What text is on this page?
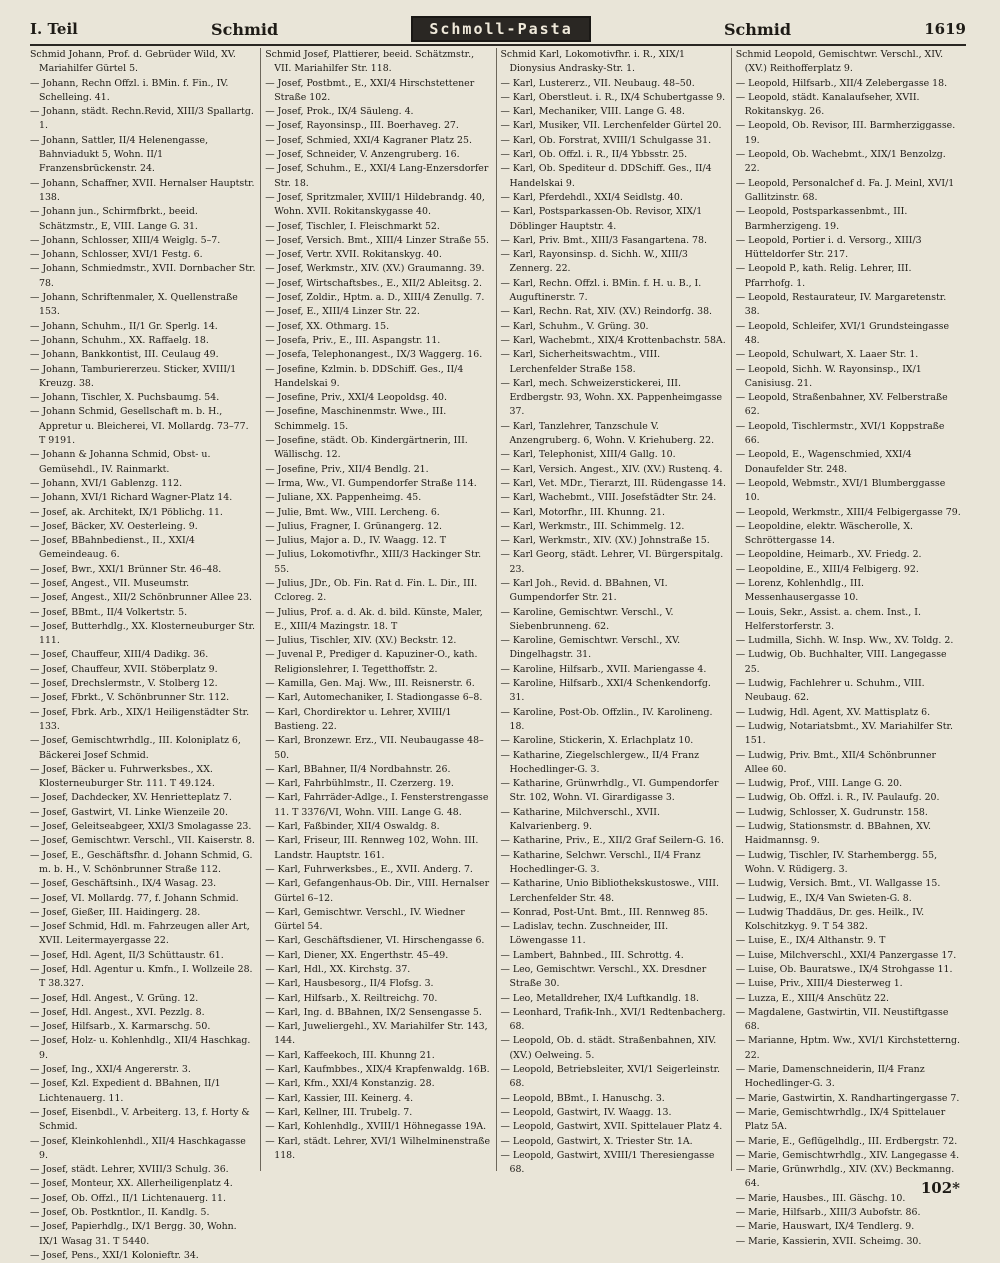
I. Teil	Schmid	Schmoll-Pasta	Schmid	1619

Schmid Johann, Prof. d. Gebrüder Wild, XV. Mariahilfer Gürtel 5.

— Johann, Rechn Offzl. i. BMin. f. Fin., IV. Schelleing. 41.

— Johann, städt. Rechn.Revid, XIII/3 Spallartg. 1.

— Johann, Sattler, II/4 Helenengasse, Bahnviadukt 5, Wohn. II/1 Franzensbrückenstr. 24.

— Johann, Schaffner, XVII. Hernalser Hauptstr. 138.

— Johann jun., Schirmfbrkt., beeid. Schätzmstr., E, VIII. Lange G. 31.

— Johann, Schlosser, XIII/4 Weiglg. 5–7.

— Johann, Schlosser, XVI/1 Festg. 6.

— Johann, Schmiedmstr., XVII. Dornbacher Str. 78.

— Johann, Schriftenmaler, X. Quellenstraße 153.

— Johann, Schuhm., II/1 Gr. Sperlg. 14.

— Johann, Schuhm., XX. Raffaelg. 18.

— Johann, Bankkontist, III. Ceulaug 49.

— Johann, Tamburiererzeu. Sticker, XVIII/1 Kreuzg. 38.

— Johann, Tischler, X. Puchsbaumg. 54.

— Johann Schmid, Gesellschaft m. b. H., Appretur u. Bleicherei, VI. Mollardg. 73–77. T 9191.

— Johann & Johanna Schmid, Obst- u. Gemüsehdl., IV. Rainmarkt.

— Johann, XVI/1 Gablenzg. 112.

— Johann, XVI/1 Richard Wagner-Platz 14.

— Josef, ak. Architekt, IX/1 Pöblichg. 11.

— Josef, Bäcker, XV. Oesterleing. 9.

— Josef, BBahnbedienst., II., XXI/4 Gemeindeaug. 6.

— Josef, Bwr., XXI/1 Brünner Str. 46–48.

— Josef, Angest., VII. Museumstr.

— Josef, Angest., XII/2 Schönbrunner Allee 23.

— Josef, BBmt., II/4 Volkertstr. 5.

— Josef, Butterhdlg., XX. Klosterneuburger Str. 111.

— Josef, Chauffeur, XIII/4 Dadikg. 36.

— Josef, Chauffeur, XVII. Stöberplatz 9.

— Josef, Drechslermstr., V. Stolberg 12.

— Josef, Fbrkt., V. Schönbrunner Str. 112.

— Josef, Fbrk. Arb., XIX/1 Heiligenstädter Str. 133.

— Josef, Gemischtwrhdlg., III. Koloniplatz 6, Bäckerei Josef Schmid.

— Josef, Bäcker u. Fuhrwerksbes., XX. Klosterneuburger Str. 111. T 49.124.

— Josef, Dachdecker, XV. Henrietteplatz 7.

— Josef, Gastwirt, VI. Linke Wienzeile 20.

— Josef, Geleitseabgeer, XXI/3 Smolagasse 23.

— Josef, Gemischtwr. Verschl., VII. Kaiserstr. 8.

— Josef, E., Geschäftsfhr. d. Johann Schmid, G. m. b. H., V. Schönbrunner Straße 112.

— Josef, Geschäftsinh., IX/4 Wasag. 23.

— Josef, VI. Mollardg. 77, f. Johann Schmid.

— Josef, Gießer, III. Haidingerg. 28.

— Josef Schmid, Hdl. m. Fahrzeugen aller Art, XVII. Leitermayergasse 22.

— Josef, Hdl. Agent, II/3 Schüttaustr. 61.

— Josef, Hdl. Agentur u. Kmfn., I. Wollzeile 28. T 38.327.

— Josef, Hdl. Angest., V. Grüng. 12.

— Josef, Hdl. Angest., XVI. Pezzlg. 8.

— Josef, Hilfsarb., X. Karmarschg. 50.

— Josef, Holz- u. Kohlenhdlg., XII/4 Haschkag. 9.

— Josef, Ing., XXI/4 Angererstr. 3.

— Josef, Kzl. Expedient d. BBahnen, II/1 Lichtenauerg. 11.

— Josef, Eisenbdl., V. Arbeiterg. 13, f. Horty & Schmid.

— Josef, Kleinkohlenhdl., XII/4 Haschkagasse 9.

— Josef, städt. Lehrer, XVIII/3 Schulg. 36.

— Josef, Monteur, XX. Allerheiligenplatz 4.

— Josef, Ob. Offzl., II/1 Lichtenauerg. 11.

— Josef, Ob. Postkntlor., II. Kandlg. 5.

— Josef, Papierhdlg., IX/1 Bergg. 30, Wohn. IX/1 Wasag 31. T 5440.

— Josef, Pens., XXI/1 Kolonieftr. 34.

Schmid Josef, Plattierer, beeid. Schätzmstr., VII. Mariahilfer Str. 118.

— Josef, Postbmt., E., XXI/4 Hirschstettener Straße 102.

— Josef, Prok., IX/4 Säuleng. 4.

— Josef, Rayonsinsp., III. Boerhaveg. 27.

— Josef, Schmied, XXI/4 Kagraner Platz 25.

— Josef, Schneider, V. Anzengruberg. 16.

— Josef, Schuhm., E., XXI/4 Lang-Enzersdorfer Str. 18.

— Josef, Spritzmaler, XVIII/1 Hildebrandg. 40, Wohn. XVII. Rokitanskygasse 40.

— Josef, Tischler, I. Fleischmarkt 52.

— Josef, Versich. Bmt., XIII/4 Linzer Straße 55.

— Josef, Vertr. XVII. Rokitanskyg. 40.

— Josef, Werkmstr., XIV. (XV.) Graumanng. 39.

— Josef, Wirtschaftsbes., E., XII/2 Ableitsg. 2.

— Josef, Zoldir., Hptm. a. D., XIII/4 Zenullg. 7.

— Josef, E., XIII/4 Linzer Str. 22.

— Josef, XX. Othmarg. 15.

— Josefa, Priv., E., III. Aspangstr. 11.

— Josefa, Telephonangest., IX/3 Waggerg. 16.

— Josefine, Kzlmin. b. DDSchiff. Ges., II/4 Handelskai 9.

— Josefine, Priv., XXI/4 Leopoldsg. 40.

— Josefine, Maschinenmstr. Wwe., III. Schimmelg. 15.

— Josefine, städt. Ob. Kindergärtnerin, III. Wällischg. 12.

— Josefine, Priv., XII/4 Bendlg. 21.

— Irma, Ww., VI. Gumpendorfer Straße 114.

— Juliane, XX. Pappenheimg. 45.

— Julie, Bmt. Ww., VIII. Lercheng. 6.

— Julius, Fragner, I. Grünangerg. 12.

— Julius, Major a. D., IV. Waagg. 12. T

— Julius, Lokomotivfhr., XIII/3 Hackinger Str. 55.

— Julius, JDr., Ob. Fin. Rat d. Fin. L. Dir., III. Ccloreg. 2.

— Julius, Prof. a. d. Ak. d. bild. Künste, Maler, E., XIII/4 Mazingstr. 18. T

— Julius, Tischler, XIV. (XV.) Beckstr. 12.

— Juvenal P., Prediger d. Kapuziner-O., kath. Religionslehrer, I. Tegetthoffstr. 2.

— Kamilla, Gen. Maj. Ww., III. Reisnerstr. 6.

— Karl, Automechaniker, I. Stadiongasse 6–8.

— Karl, Chordirektor u. Lehrer, XVIII/1 Bastieng. 22.

— Karl, Bronzewr. Erz., VII. Neubaugasse 48–50.

— Karl, BBahner, II/4 Nordbahnstr. 26.

— Karl, Fahrbühlmstr., II. Czerzerg. 19.

— Karl, Fahrräder-Adlge., I. Fensterstrengasse 11. T 3376/VI, Wohn. VIII. Lange G. 48.

— Karl, Faßbinder, XII/4 Oswaldg. 8.

— Karl, Friseur, III. Rennweg 102, Wohn. III. Landstr. Hauptstr. 161.

— Karl, Fuhrwerksbes., E., XVII. Anderg. 7.

— Karl, Gefangenhaus-Ob. Dir., VIII. Hernalser Gürtel 6–12.

— Karl, Gemischtwr. Verschl., IV. Wiedner Gürtel 54.

— Karl, Geschäftsdiener, VI. Hirschengasse 6.

— Karl, Diener, XX. Engerthstr. 45–49.

— Karl, Hdl., XX. Kirchstg. 37.

— Karl, Hausbesorg., II/4 Flofsg. 3.

— Karl, Hilfsarb., X. Reiltreichg. 70.

— Karl, Ing. d. BBahnen, IX/2 Sensengasse 5.

— Karl, Juweliergehl., XV. Mariahilfer Str. 143, 144.

— Karl, Kaffeekoch, III. Khunng 21.

— Karl, Kaufmbbes., XIX/4 Krapfenwaldg. 16B.

— Karl, Kfm., XXI/4 Konstanzig. 28.

— Karl, Kassier, III. Keinerg. 4.

— Karl, Kellner, III. Trubelg. 7.

— Karl, Kohlenhdlg., XVIII/1 Höhnegasse 19A.

— Karl, städt. Lehrer, XVI/1 Wilhelminenstraße 118.

Schmid Karl, Lokomotivfhr. i. R., XIX/1 Dionysius Andrasky-Str. 1.

— Karl, Lustererz., VII. Neubaug. 48–50.

— Karl, Oberstleut. i. R., IX/4 Schubertgasse 9.

— Karl, Mechaniker, VIII. Lange G. 48.

— Karl, Musiker, VII. Lerchenfelder Gürtel 20.

— Karl, Ob. Forstrat, XVIII/1 Schulgasse 31.

— Karl, Ob. Offzl. i. R., II/4 Ybbsstr. 25.

— Karl, Ob. Spediteur d. DDSchiff. Ges., II/4 Handelskai 9.

— Karl, Pferdehdl., XXI/4 Seidlstg. 40.

— Karl, Postsparkassen-Ob. Revisor, XIX/1 Döblinger Hauptstr. 4.

— Karl, Priv. Bmt., XIII/3 Fasangartena. 78.

— Karl, Rayonsinsp. d. Sichh. W., XIII/3 Zennerg. 22.

— Karl, Rechn. Offzl. i. BMin. f. H. u. B., I. Auguftinerstr. 7.

— Karl, Rechn. Rat, XIV. (XV.) Reindorfg. 38.

— Karl, Schuhm., V. Grüng. 30.

— Karl, Wachebmt., XIX/4 Krottenbachstr. 58A.

— Karl, Sicherheitswachtm., VIII. Lerchenfelder Straße 158.

— Karl, mech. Schweizerstickerei, III. Erdbergstr. 93, Wohn. XX. Pappenheimgasse 37.

— Karl, Tanzlehrer, Tanzschule V. Anzengruberg. 6, Wohn. V. Kriehuberg. 22.

— Karl, Telephonist, XIII/4 Gallg. 10.

— Karl, Versich. Angest., XIV. (XV.) Rustenq. 4.

— Karl, Vet. MDr., Tierarzt, III. Rüdengasse 14.

— Karl, Wachebmt., VIII. Josefstädter Str. 24.

— Karl, Motorfhr., III. Khunng. 21.

— Karl, Werkmstr., III. Schimmelg. 12.

— Karl, Werkmstr., XIV. (XV.) Johnstraße 15.

— Karl Georg, städt. Lehrer, VI. Bürgerspitalg. 23.

— Karl Joh., Revid. d. BBahnen, VI. Gumpendorfer Str. 21.

— Karoline, Gemischtwr. Verschl., V. Siebenbrunneng. 62.

— Karoline, Gemischtwr. Verschl., XV. Dingelhagstr. 31.

— Karoline, Hilfsarb., XVII. Mariengasse 4.

— Karoline, Hilfsarb., XXI/4 Schenkendorfg. 31.

— Karoline, Post-Ob. Offzlin., IV. Karolineng. 18.

— Karoline, Stickerin, X. Erlachplatz 10.

— Katharine, Ziegelschlergew., II/4 Franz Hochedlinger-G. 3.

— Katharine, Grünwrhdlg., VI. Gumpendorfer Str. 102, Wohn. VI. Girardigasse 3.

— Katharine, Milchverschl., XVII. Kalvarienberg. 9.

— Katharine, Priv., E., XII/2 Graf Seilern-G. 16.

— Katharine, Selchwr. Verschl., II/4 Franz Hochedlinger-G. 3.

— Katharine, Unio Bibliothekskustoswe., VIII. Lerchenfelder Str. 48.

— Konrad, Post-Unt. Bmt., III. Rennweg 85.

— Ladislav, techn. Zuschneider, III. Löwengasse 11.

— Lambert, Bahnbed., III. Schrottg. 4.

— Leo, Gemischtwr. Verschl., XX. Dresdner Straße 30.

— Leo, Metalldreher, IX/4 Luftkandlg. 18.

— Leonhard, Trafik-Inh., XVI/1 Redtenbacherg. 68.

— Leopold, Ob. d. städt. Straßenbahnen, XIV. (XV.) Oelweing. 5.

— Leopold, Betriebsleiter, XVI/1 Seigerleinstr. 68.

— Leopold, BBmt., I. Hanuschg. 3.

— Leopold, Gastwirt, IV. Waagg. 13.

— Leopold, Gastwirt, XVII. Spittelauer Platz 4.

— Leopold, Gastwirt, X. Triester Str. 1A.

— Leopold, Gastwirt, XVIII/1 Theresiengasse 68.

Schmid Leopold, Gemischtwr. Verschl., XIV. (XV.) Reithofferplatz 9.

— Leopold, Hilfsarb., XII/4 Zelebergasse 18.

— Leopold, städt. Kanalaufseher, XVII. Rokitanskyg. 26.

— Leopold, Ob. Revisor, III. Barmherziggasse. 19.

— Leopold, Ob. Wachebmt., XIX/1 Benzolzg. 22.

— Leopold, Personalchef d. Fa. J. Meinl, XVI/1 Gallitzinstr. 68.

— Leopold, Postsparkassenbmt., III. Barmherzigeng. 19.

— Leopold, Portier i. d. Versorg., XIII/3 Hütteldorfer Str. 217.

— Leopold P., kath. Relig. Lehrer, III. Pfarrhofg. 1.

— Leopold, Restaurateur, IV. Margaretenstr. 38.

— Leopold, Schleifer, XVI/1 Grundsteingasse 48.

— Leopold, Schulwart, X. Laaer Str. 1.

— Leopold, Sichh. W. Rayonsinsp., IX/1 Canisiusg. 21.

— Leopold, Straßenbahner, XV. Felberstraße 62.

— Leopold, Tischlermstr., XVI/1 Koppstraße 66.

— Leopold, E., Wagenschmied, XXI/4 Donaufelder Str. 248.

— Leopold, Webmstr., XVI/1 Blumberggasse 10.

— Leopold, Werkmstr., XIII/4 Felbigergasse 79.

— Leopoldine, elektr. Wäscherolle, X. Schröttergasse 14.

— Leopoldine, Heimarb., XV. Friedg. 2.

— Leopoldine, E., XIII/4 Felbigerg. 92.

— Lorenz, Kohlenhdlg., III. Messenhausergasse 10.

— Louis, Sekr., Assist. a. chem. Inst., I. Helferstorferstr. 3.

— Ludmilla, Sichh. W. Insp. Ww., XV. Toldg. 2.

— Ludwig, Ob. Buchhalter, VIII. Langegasse 25.

— Ludwig, Fachlehrer u. Schuhm., VIII. Neubaug. 62.

— Ludwig, Hdl. Agent, XV. Mattisplatz 6.

— Ludwig, Notariatsbmt., XV. Mariahilfer Str. 151.

— Ludwig, Priv. Bmt., XII/4 Schönbrunner Allee 60.

— Ludwig, Prof., VIII. Lange G. 20.

— Ludwig, Ob. Offzl. i. R., IV. Paulaufg. 20.

— Ludwig, Schlosser, X. Gudrunstr. 158.

— Ludwig, Stationsmstr. d. BBahnen, XV. Haidmannsg. 9.

— Ludwig, Tischler, IV. Starhembergg. 55, Wohn. V. Rüdigerg. 3.

— Ludwig, Versich. Bmt., VI. Wallgasse 15.

— Ludwig, E., IX/4 Van Swieten-G. 8.

— Ludwig Thaddäus, Dr. ges. Heilk., IV. Kolschitzkyg. 9. T 54 382.

— Luise, E., IX/4 Althanstr. 9. T

— Luise, Milchverschl., XXI/4 Panzergasse 17.

— Luise, Ob. Bauratswe., IX/4 Strohgasse 11.

— Luise, Priv., XIII/4 Diesterweg 1.

— Luzza, E., XIII/4 Anschütz 22.

— Magdalene, Gastwirtin, VII. Neustiftgasse 68.

— Marianne, Hptm. Ww., XVI/1 Kirchstetterng. 22.

— Marie, Damenschneiderin, II/4 Franz Hochedlinger-G. 3.

— Marie, Gastwirtin, X. Randhartingergasse 7.

— Marie, Gemischtwrhdlg., IX/4 Spittelauer Platz 5A.

— Marie, E., Geflügelhdlg., III. Erdbergstr. 72.

— Marie, Gemischtwrhdlg., XIV. Langegasse 4.

— Marie, Grünwrhdlg., XIV. (XV.) Beckmanng. 64.

— Marie, Hausbes., III. Gäschg. 10.

— Marie, Hilfsarb., XIII/3 Aubofstr. 86.

— Marie, Hauswart, IX/4 Tendlerg. 9.

— Marie, Kassierin, XVII. Scheimg. 30.

102*
